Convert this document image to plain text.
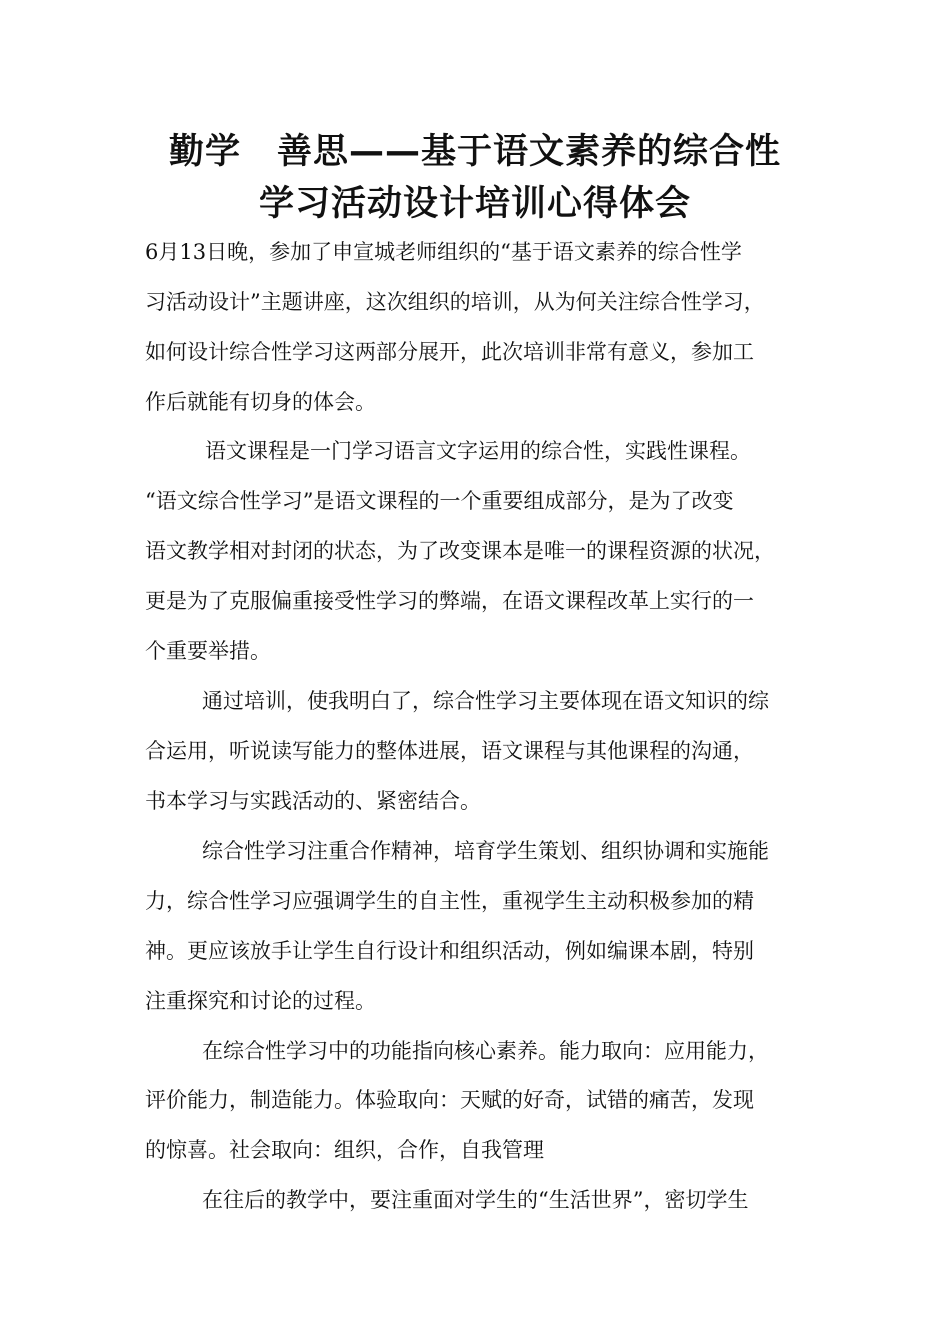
勤学　善思——基于语文素养的综合性
学习活动设计培训心得体会
6月13日晚，参加了申宣城老师组织的“基于语文素养的综合性学
习活动设计”主题讲座，这次组织的培训，从为何关注综合性学习，
如何设计综合性学习这两部分展开，此次培训非常有意义，参加工
作后就能有切身的体会。
语文课程是一门学习语言文字运用的综合性，实践性课程。
“语文综合性学习”是语文课程的一个重要组成部分，是为了改变
语文教学相对封闭的状态，为了改变课本是唯一的课程资源的状况，
更是为了克服偏重接受性学习的弊端，在语文课程改革上实行的一
个重要举措。
通过培训，使我明白了，综合性学习主要体现在语文知识的综
合运用，听说读写能力的整体进展，语文课程与其他课程的沟通，
书本学习与实践活动的、紧密结合。
综合性学习注重合作精神，培育学生策划、组织协调和实施能
力，综合性学习应强调学生的自主性，重视学生主动积极参加的精
神。更应该放手让学生自行设计和组织活动，例如编课本剧，特别
注重探究和讨论的过程。
在综合性学习中的功能指向核心素养。能力取向：应用能力，
评价能力，制造能力。体验取向：天赋的好奇，试错的痛苦，发现
的惊喜。社会取向：组织，合作，自我管理
在往后的教学中，要注重面对学生的“生活世界”，密切学生
